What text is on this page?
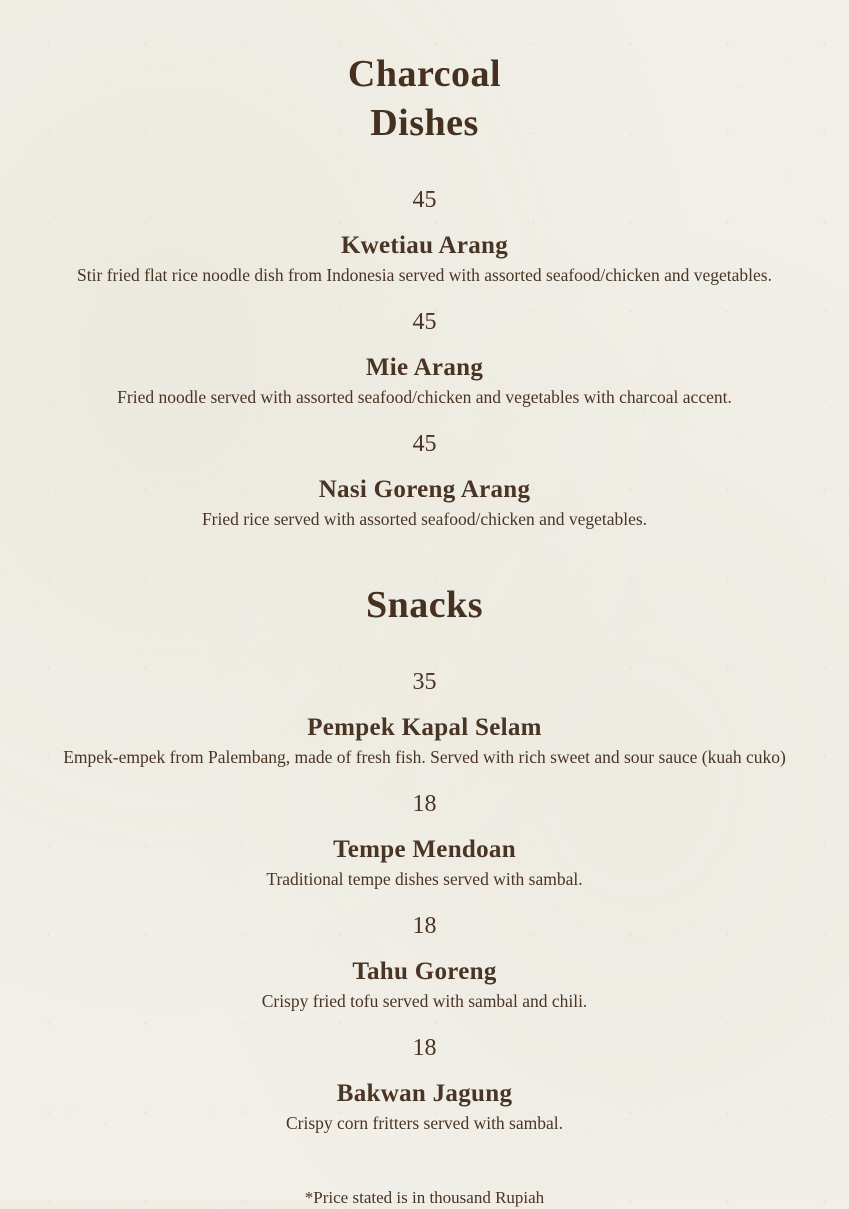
Charcoal Dishes
45
Kwetiau Arang

Stir fried flat rice noodle dish from Indonesia served with assorted seafood/chicken and vegetables.

45
Mie Arang

Fried noodle served with assorted seafood/chicken and vegetables with charcoal accent.

45
Nasi Goreng Arang

Fried rice served with assorted seafood/chicken and vegetables.

Snacks
35
Pempek Kapal Selam

Empek-empek from Palembang, made of fresh fish. Served with rich sweet and sour sauce (kuah cuko)

18
Tempe Mendoan

Traditional tempe dishes served with sambal.

18
Tahu Goreng

Crispy fried tofu served with sambal and chili.

18
Bakwan Jagung

Crispy corn fritters served with sambal.

*Price stated is in thousand Rupiah
